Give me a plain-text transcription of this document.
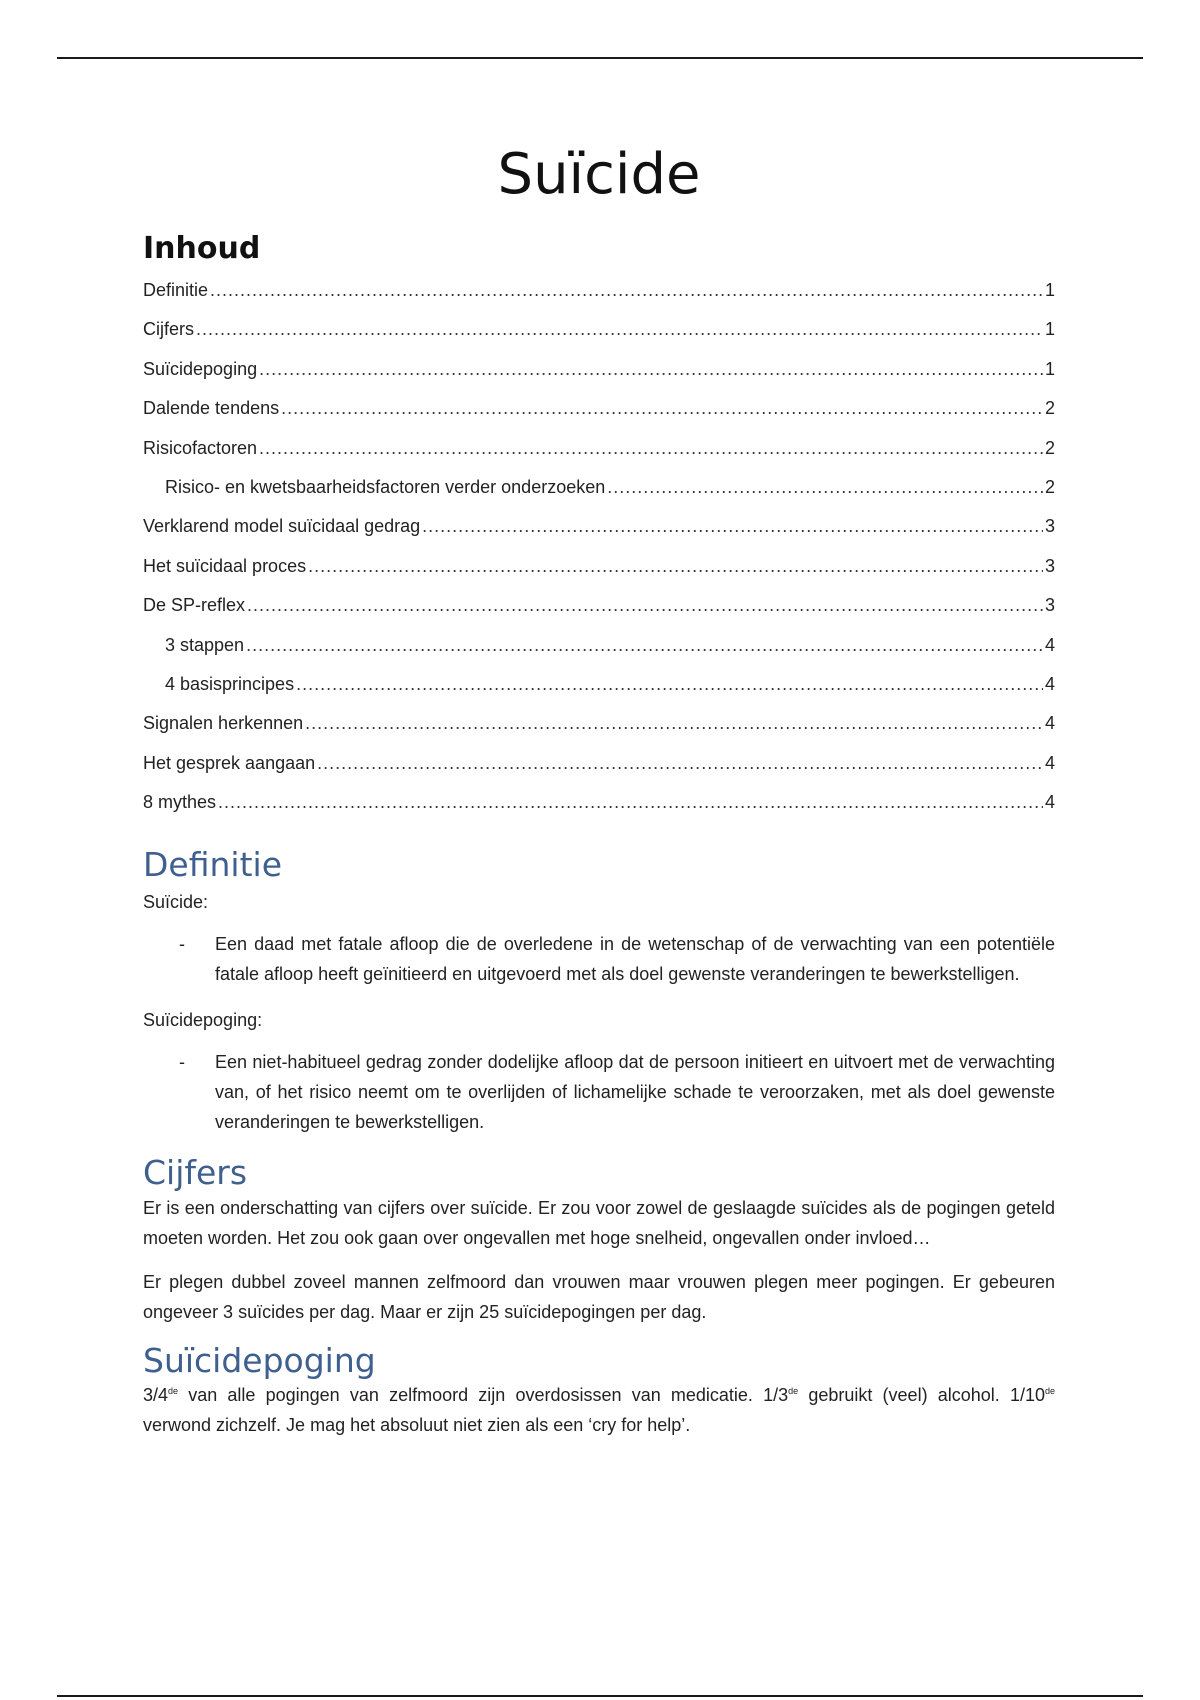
Suïcide
Inhoud
Definitie .....	1
Cijfers .....	1
Suïcidepoging .....	1
Dalende tendens .....	2
Risicofactoren .....	2
Risico- en kwetsbaarheidsfactoren verder onderzoeken .....	2
Verklarend model suïcidaal gedrag .....	3
Het suïcidaal proces .....	3
De SP-reflex .....	3
3 stappen .....	4
4 basisprincipes .....	4
Signalen herkennen .....	4
Het gesprek aangaan .....	4
8 mythes .....	4
Definitie

Suïcide:

-	Een daad met fatale afloop die de overledene in de wetenschap of de verwachting van een potentiële fatale afloop heeft geïnitieerd en uitgevoerd met als doel gewenste veranderingen te bewerkstelligen.

Suïcidepoging:

-	Een niet-habitueel gedrag zonder dodelijke afloop dat de persoon initieert en uitvoert met de verwachting van, of het risico neemt om te overlijden of lichamelijke schade te veroorzaken, met als doel gewenste veranderingen te bewerkstelligen.
Cijfers

Er is een onderschatting van cijfers over suïcide. Er zou voor zowel de geslaagde suïcides als de pogingen geteld moeten worden. Het zou ook gaan over ongevallen met hoge snelheid, ongevallen onder invloed…

Er plegen dubbel zoveel mannen zelfmoord dan vrouwen maar vrouwen plegen meer pogingen. Er gebeuren ongeveer 3 suïcides per dag. Maar er zijn 25 suïcidepogingen per dag.

Suïcidepoging

3/4de van alle pogingen van zelfmoord zijn overdosissen van medicatie. 1/3de gebruikt (veel) alcohol. 1/10de verwond zichzelf. Je mag het absoluut niet zien als een ‘cry for help’.
